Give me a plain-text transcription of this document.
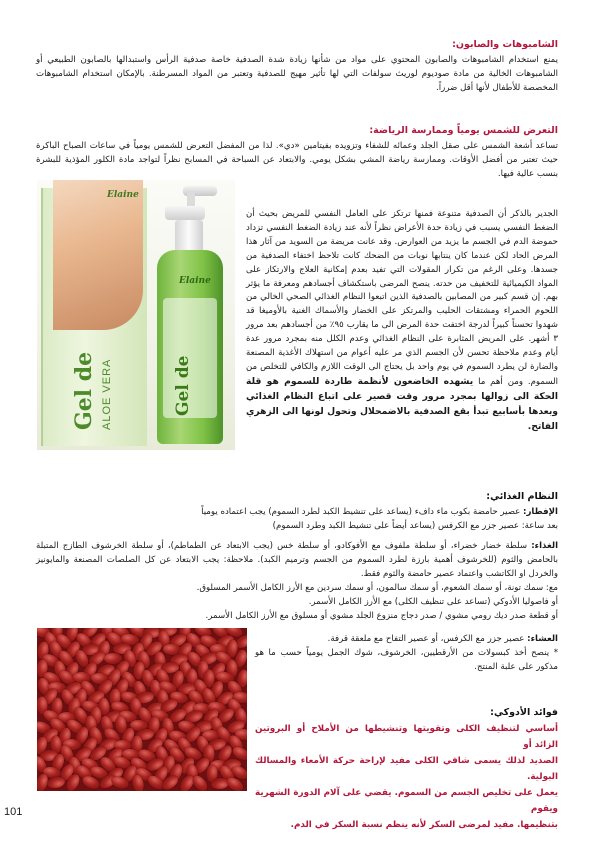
الشامبوهات والصابون:

يمنع استخدام الشامبوهات والصابون المحتوي على مواد من شأنها زيادة شدة الصدفية خاصة صدفية الرأس واستبدالها بالصابون الطبيعي أو الشامبوهات الخالية من مادة صوديوم لوريث سولفات التي لها تأثير مهيج للصدفية وتعتبر من المواد المسرطنة. بالإمكان استخدام الشامبوهات المخصصة للأطفال لأنها أقل ضرراً.

التعرض للشمس يومياً وممارسة الرياضة:

تساعد أشعة الشمس على صقل الجلد وعمائه للشفاء وتزويده بفيتامين «دي». لذا من المفضل التعرض للشمس يومياً في ساعات الصباح الباكرة حيث تعتبر من أفضل الأوقات. وممارسة رياضة المشي بشكل يومي. والابتعاد عن السباحة في المسابح نظراً لتواجد مادة الكلور المؤذية للبشرة بنسب عالية فيها.

Elaine
Gel de ALOE VERA
Elaine
Gel de

الجدير بالذكر أن الصدفية متنوعة فمنها ترتكز على العامل النفسي للمريض بحيث أن الضغط النفسي يسبب في زيادة حدة الأعراض نظراً لأنه عند زيادة الضغط النفسي تزداد حموضة الدم في الجسم ما يزيد من العوارض. وقد عانت مريضة من السويد من آثار هذا المرض الحاد لكن عندما كان ينتابها نوبات من الضحك كانت تلاحظ اختفاء الصدفية من جسدها. وعلى الرغم من تكرار المقولات التي تفيد بعدم إمكانية العلاج والارتكاز على المواد الكيميائية للتخفيف من حدته. ينصح المرضى باستكشاف أجسادهم ومعرفة ما يؤثر بهم. إن قسم كبير من المصابين بالصدفية الذين اتبعوا النظام الغذائي الصحي الخالي من اللحوم الحمراء ومشتقات الحليب والمرتكز على الخضار والأسماك الغنية بالأوميغا قد شهدوا تحسناً كبيراً لدرجة اختفت حدة المرض الى ما يقارب ٩٥٪ من أجسادهم بعد مرور ٣ أشهر. على المريض المثابرة على النظام الغذائي وعدم الكلل منه بمجرد مرور عدة أيام وعدم ملاحظة تحسن لأن الجسم الذي مر عليه أعوام من استهلاك الأغذية المصنعة والضارة لن يطرد السموم في يوم واحد بل يحتاج الى الوقت اللازم والكافي للتخلص من السموم. ومن أهم ما يشهده الخاضعون لأنظمة طاردة للسموم هو قلة الحكة الى زوالها بمجرد مرور وقت قصير على اتباع النظام الغذائي وبعدها بأسابيع تبدأ بقع الصدفية بالاضمحلال وتحول لونها الى الزهري الفاتح.

النظام الغذائي:

الإفطار: عصير حامضة بكوب ماء دافء (يساعد على تنشيط الكبد لطرد السموم) يجب اعتماده يومياً

بعد ساعة: عصير جزر مع الكرفس (يساعد أيضاً على تنشيط الكبد وطرد السموم)

الغذاء: سلطة خضار خضراء، أو سلطة ملفوف مع الأفوكادو، أو سلطة خس (يجب الابتعاد عن الطماطم)، أو سلطة الخرشوف الطازج المتبلة بالحامض والثوم (للخرشوف أهمية بارزة لطرد السموم من الجسم وترميم الكبد). ملاحظة: يجب الابتعاد عن كل الصلصات المصنعة والمايونيز والخردل او الكاتشب واعتماد عصير حامضة والثوم فقط.

مع: سمك تونة، أو سمك الشعوم، أو سمك سالمون، أو سمك سردين مع الأرز الكامل الأسمر المسلوق.

أو فاصوليا الأدوكي (تساعد على تنظيف الكلى) مع الأرز الكامل الأسمر.

أو قطعة صدر ديك رومي مشوي / صدر دجاج منزوع الجلد مشوي أو مسلوق مع الأرز الكامل الأسمر.

العشاء: عصير جزر مع الكرفس، أو عصير التفاح مع ملعقة قرفة.

* ينصح أخذ كبسولات من الأرقطيين، الخرشوف، شوك الجمل يومياً حسب ما هو مذكور على علبة المنتج.

فوائد الأدوكي:

أساسي لتنظيف الكلى وتقويتها وتنشيطها من الأملاح أو البروتين الزائد أو

الصديد لذلك يسمى شافي الكلى مفيد لإراحة حركة الأمعاء والمسالك البولية.

يعمل على تخليص الجسم من السموم. يقضي على آلام الدورة الشهرية ويقوم

بتنظيمها. مفيد لمرضى السكر لأنه ينظم نسبة السكر في الدم.

101
